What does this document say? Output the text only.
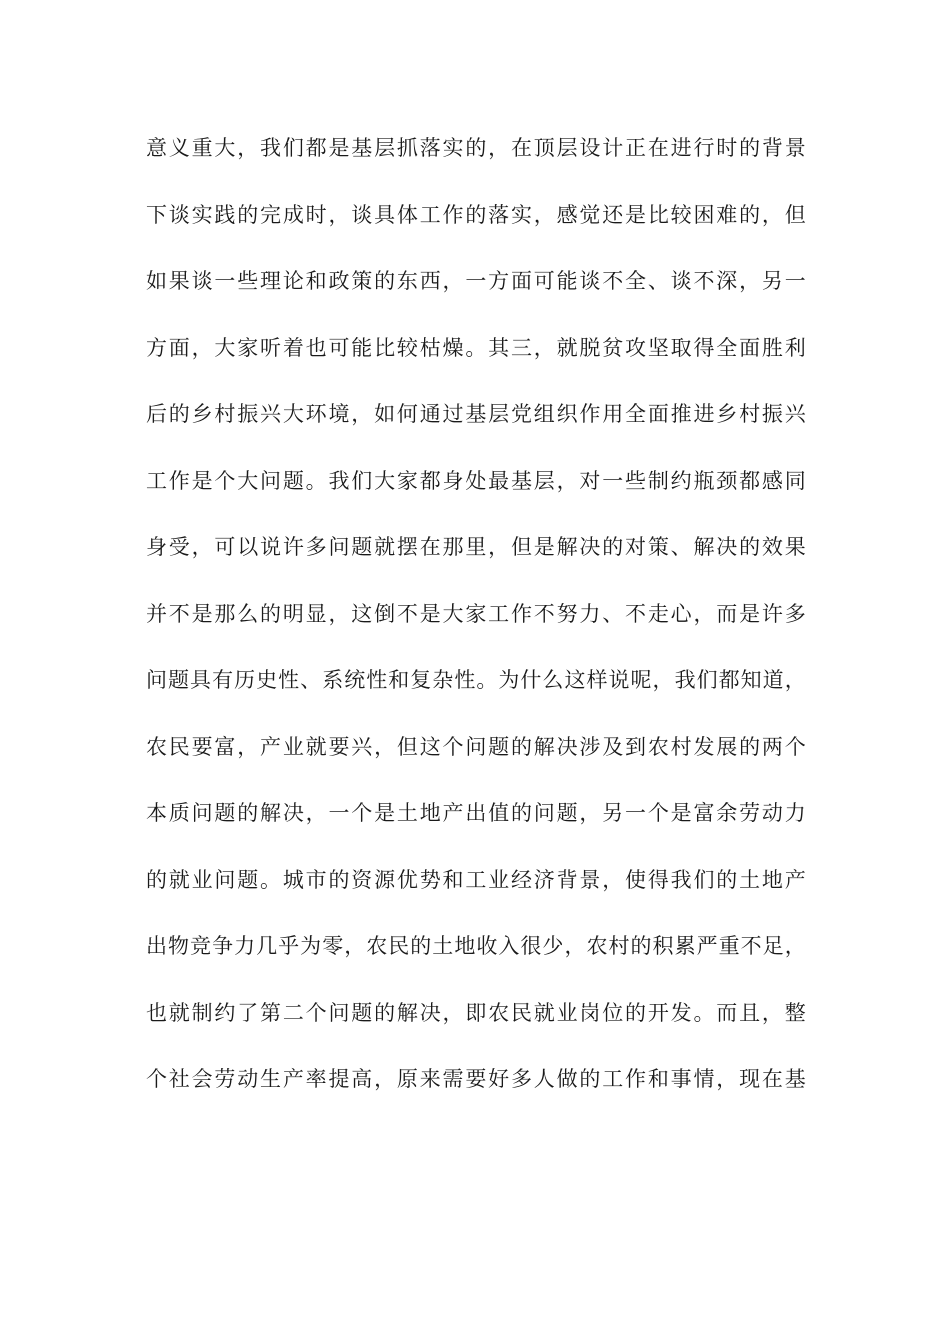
意义重大，我们都是基层抓落实的，在顶层设计正在进行时的背景
下谈实践的完成时，谈具体工作的落实，感觉还是比较困难的，但
如果谈一些理论和政策的东西，一方面可能谈不全、谈不深，另一
方面，大家听着也可能比较枯燥。其三，就脱贫攻坚取得全面胜利
后的乡村振兴大环境，如何通过基层党组织作用全面推进乡村振兴
工作是个大问题。我们大家都身处最基层，对一些制约瓶颈都感同
身受，可以说许多问题就摆在那里，但是解决的对策、解决的效果
并不是那么的明显，这倒不是大家工作不努力、不走心，而是许多
问题具有历史性、系统性和复杂性。为什么这样说呢，我们都知道，
农民要富，产业就要兴，但这个问题的解决涉及到农村发展的两个
本质问题的解决，一个是土地产出值的问题，另一个是富余劳动力
的就业问题。城市的资源优势和工业经济背景，使得我们的土地产
出物竞争力几乎为零，农民的土地收入很少，农村的积累严重不足，
也就制约了第二个问题的解决，即农民就业岗位的开发。而且，整
个社会劳动生产率提高，原来需要好多人做的工作和事情，现在基
